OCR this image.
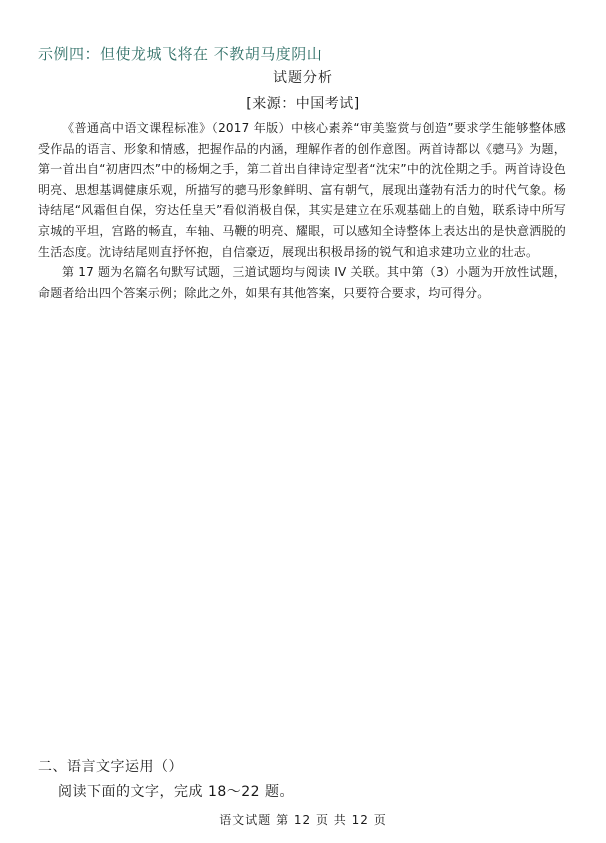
示例四：但使龙城飞将在 不教胡马度阴山
试题分析
[来源：中国考试]

《普通高中语文课程标准》（2017 年版）中核心素养“审美鉴赏与创造”要求学生能够整体感受作品的语言、形象和情感，把握作品的内涵，理解作者的创作意图。两首诗都以《骢马》为题，第一首出自“初唐四杰”中的杨炯之手，第二首出自律诗定型者“沈宋”中的沈佺期之手。两首诗设色明亮、思想基调健康乐观，所描写的骢马形象鲜明、富有朝气，展现出蓬勃有活力的时代气象。杨诗结尾“风霜但自保，穷达任皇天”看似消极自保，其实是建立在乐观基础上的自勉，联系诗中所写京城的平坦，宫路的畅直，车轴、马鞭的明亮、耀眼，可以感知全诗整体上表达出的是快意洒脱的生活态度。沈诗结尾则直抒怀抱，自信豪迈，展现出积极昂扬的锐气和追求建功立业的壮志。

第 17 题为名篇名句默写试题，三道试题均与阅读 IV 关联。其中第（3）小题为开放性试题，命题者给出四个答案示例；除此之外，如果有其他答案，只要符合要求，均可得分。

二、语言文字运用（）
阅读下面的文字，完成 18～22 题。
语文试题 第 12 页 共 12 页
